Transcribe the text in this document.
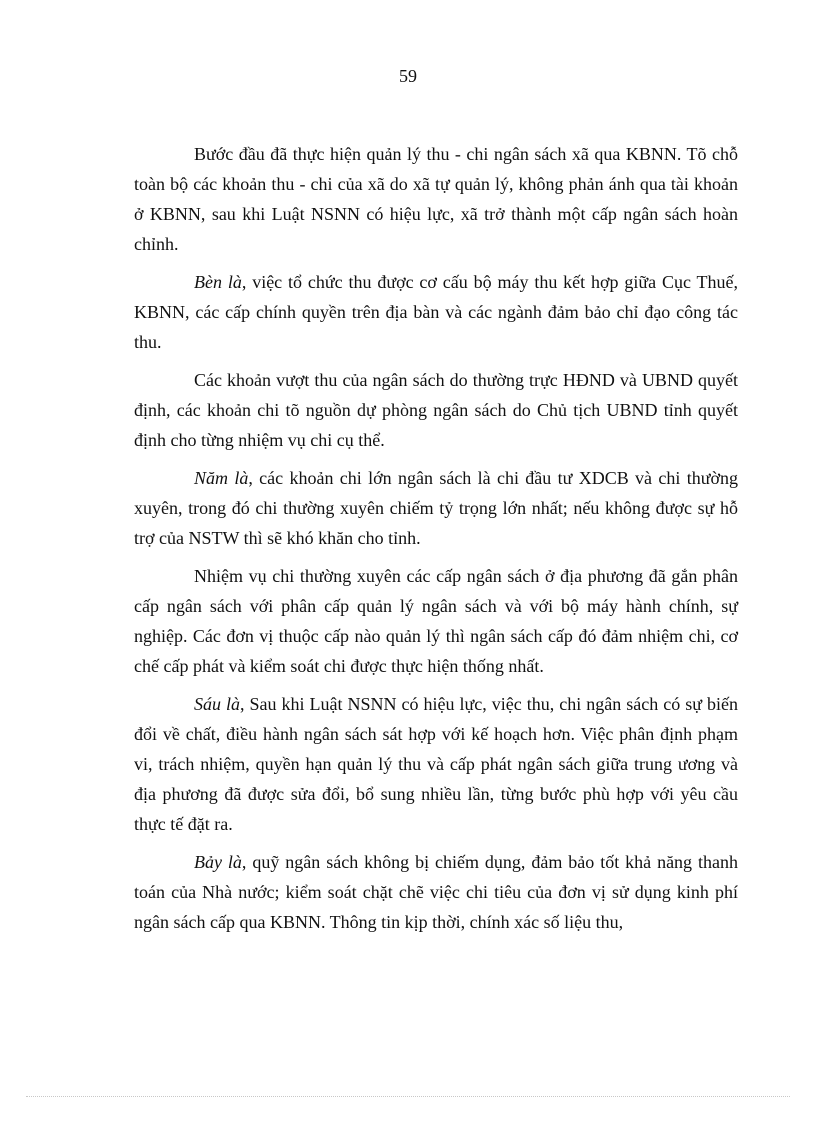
59

Bước đầu đã thực hiện quản lý thu - chi ngân sách xã qua KBNN. Tõ chỗ toàn bộ các khoản thu - chi của xã do xã tự quản lý, không phản ánh qua tài khoản ở KBNN, sau khi Luật NSNN có hiệu lực, xã trở thành một cấp ngân sách hoàn chỉnh.

Bèn là, việc tổ chức thu được cơ cấu bộ máy thu kết hợp giữa Cục Thuế, KBNN, các cấp chính quyền trên địa bàn và các ngành đảm bảo chỉ đạo công tác thu.

Các khoản vượt thu của ngân sách do thường trực HĐND và UBND quyết định, các khoản chi tõ nguồn dự phòng ngân sách do Chủ tịch UBND tỉnh quyết định cho từng nhiệm vụ chi cụ thể.

Năm là, các khoản chi lớn ngân sách là chi đầu tư XDCB và chi thường xuyên, trong đó chi thường xuyên chiếm tỷ trọng lớn nhất; nếu không được sự hỗ trợ của NSTW thì sẽ khó khăn cho tỉnh.

Nhiệm vụ chi thường xuyên các cấp ngân sách ở địa phương đã gắn phân cấp ngân sách với phân cấp quản lý ngân sách và với bộ máy hành chính, sự nghiệp. Các đơn vị thuộc cấp nào quản lý thì ngân sách cấp đó đảm nhiệm chi, cơ chế cấp phát và kiểm soát chi được thực hiện thống nhất.

Sáu là, Sau khi Luật NSNN có hiệu lực, việc thu, chi ngân sách có sự biến đổi về chất, điều hành ngân sách sát hợp với kế hoạch hơn. Việc phân định phạm vi, trách nhiệm, quyền hạn quản lý thu và cấp phát ngân sách giữa trung ương và địa phương đã được sửa đổi, bổ sung nhiều lần, từng bước phù hợp với yêu cầu thực tế đặt ra.

Bảy là, quỹ ngân sách không bị chiếm dụng, đảm bảo tốt khả năng thanh toán của Nhà nước; kiểm soát chặt chẽ việc chi tiêu của đơn vị sử dụng kinh phí ngân sách cấp qua KBNN. Thông tin kịp thời, chính xác số liệu thu,
